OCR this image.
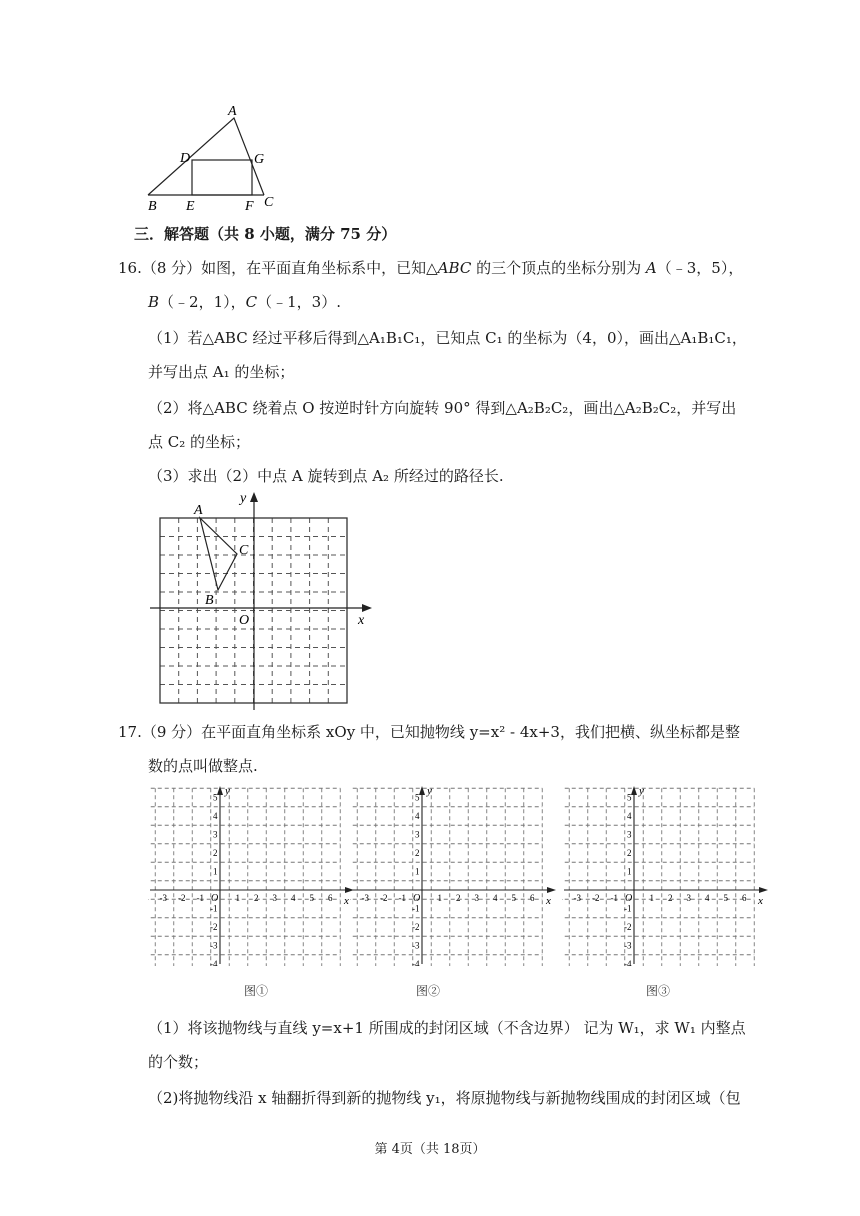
A
D	G
B E	F C
三．解答题（共 8 小题，满分 75 分）
16.（8 分）如图，在平面直角坐标系中，已知△ABC 的三个顶点的坐标分别为 A（﹣3，5），
B（﹣2，1），C（﹣1，3）.
（1）若△ABC 经过平移后得到△A₁B₁C₁，已知点 C₁ 的坐标为（4，0），画出△A₁B₁C₁，
并写出点 A₁ 的坐标；
（2）将△ABC 绕着点 O 按逆时针方向旋转 90° 得到△A₂B₂C₂，画出△A₂B₂C₂，并写出
点 C₂ 的坐标；
（3）求出（2）中点 A 旋转到点 A₂ 所经过的路径长.
A
B
C
O	x
y
17.（9 分）在平面直角坐标系 xOy 中，已知抛物线 y=x² - 4x+3，我们把横、纵坐标都是整
数的点叫做整点.
x
y
O
-3 -2 -1	1 2 3 4 5 6
5
4
3
2
1
-1
-2
-3
-4
x
y
O
-3 -2 -1	1 2 3 4 5 6
5
4
3
2
1
-1
-2
-3
-4
x
y
O
-3 -2 -1	1 2 3 4 5 6
5
4
3
2
1
-1
-2
-3
-4
图①	图②	图③
（1）将该抛物线与直线 y=x+1 所围成的封闭区域（不含边界） 记为 W₁，求 W₁ 内整点
的个数；
（2)将抛物线沿 x 轴翻折得到新的抛物线 y₁，将原抛物线与新抛物线围成的封闭区域（包
第 4页（共 18页）
